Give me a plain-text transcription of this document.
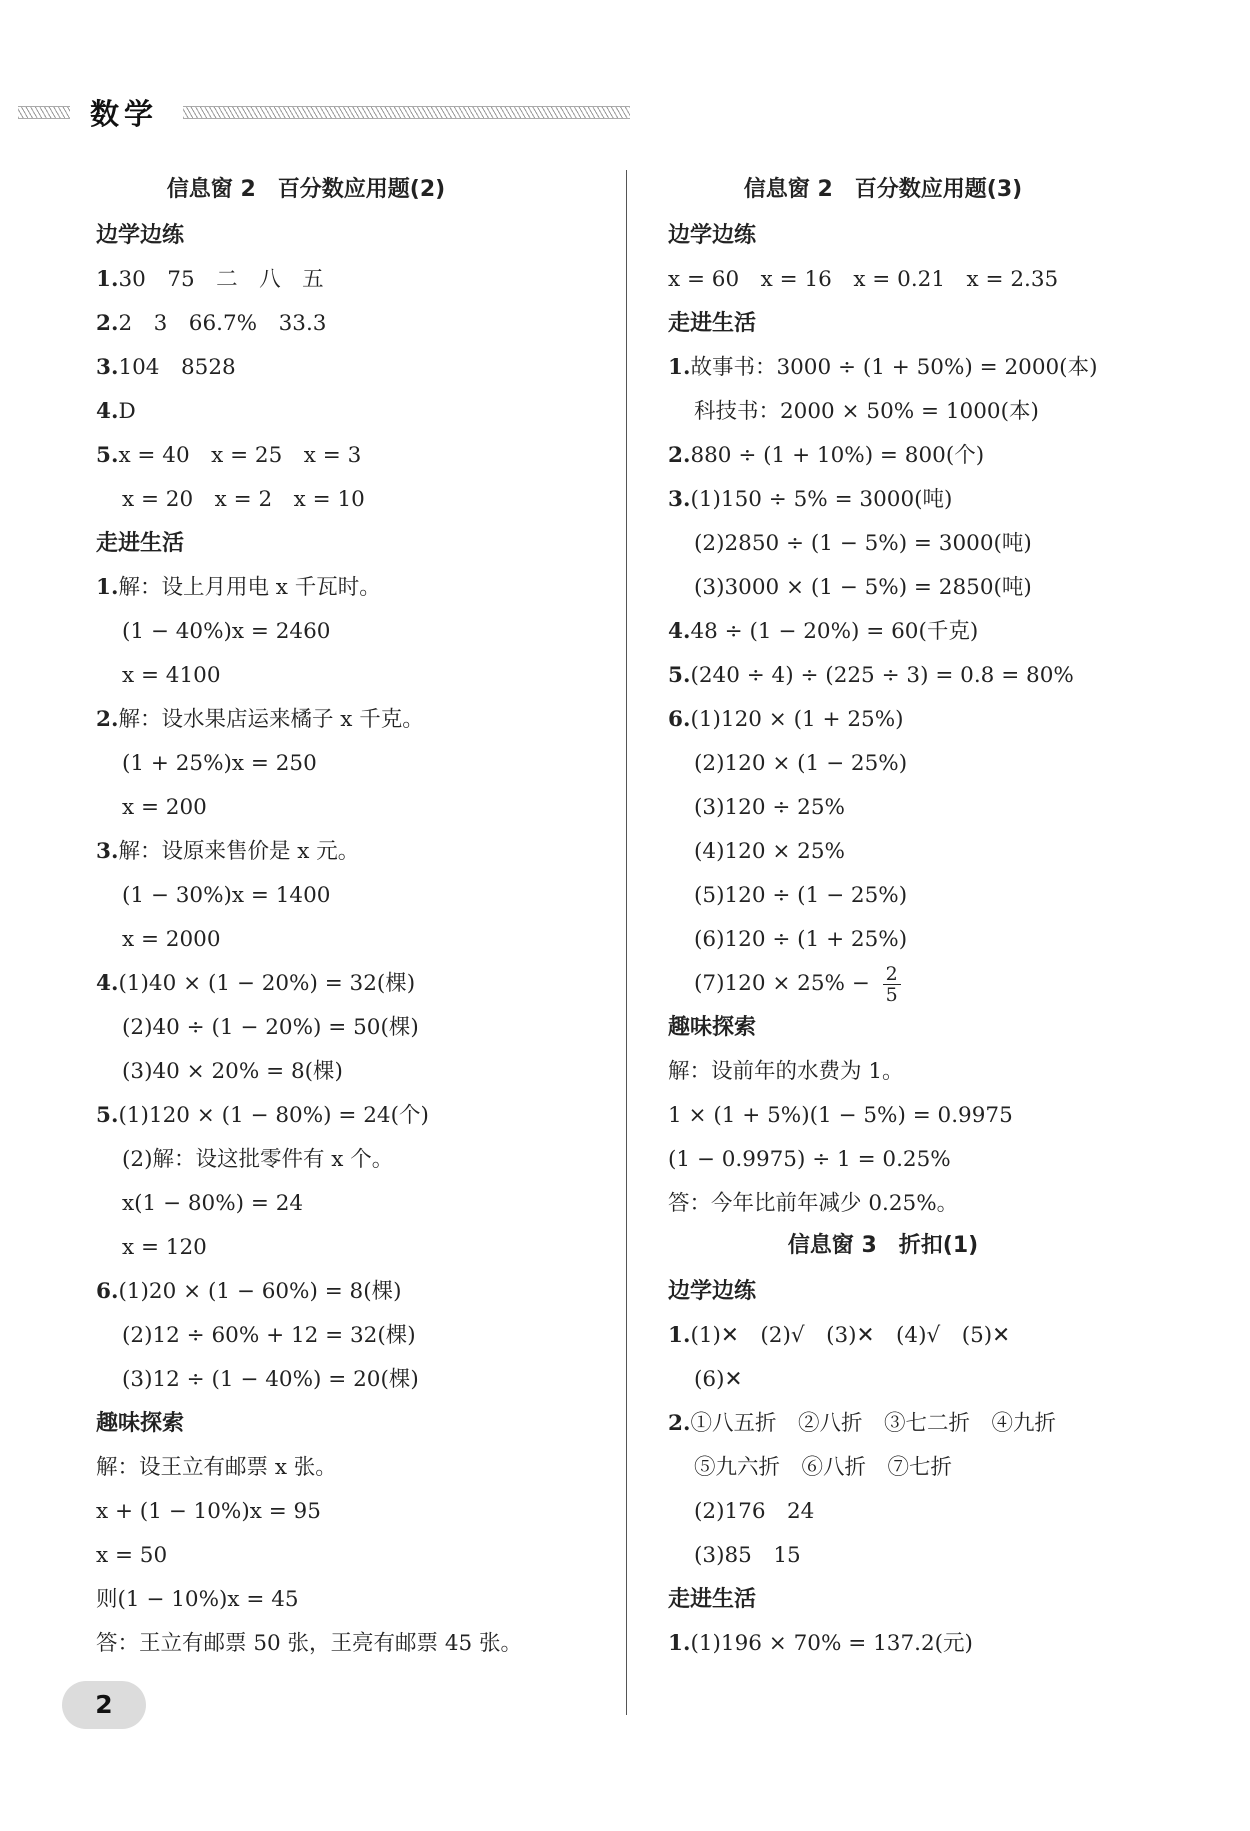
数学
信息窗 2　百分数应用题(2)
边学边练
1.30　75　二　八　五
2.2　3　66.7%　33.3
3.104　8528
4.D
5.x = 40　x = 25　x = 3
x = 20　x = 2　x = 10
走进生活
1.解：设上月用电 x 千瓦时。
(1 − 40%)x = 2460
x = 4100
2.解：设水果店运来橘子 x 千克。
(1 + 25%)x = 250
x = 200
3.解：设原来售价是 x 元。
(1 − 30%)x = 1400
x = 2000
4.(1)40 × (1 − 20%) = 32(棵)
(2)40 ÷ (1 − 20%) = 50(棵)
(3)40 × 20% = 8(棵)
5.(1)120 × (1 − 80%) = 24(个)
(2)解：设这批零件有 x 个。
x(1 − 80%) = 24
x = 120
6.(1)20 × (1 − 60%) = 8(棵)
(2)12 ÷ 60% + 12 = 32(棵)
(3)12 ÷ (1 − 40%) = 20(棵)
趣味探索
解：设王立有邮票 x 张。
x + (1 − 10%)x = 95
x = 50
则(1 − 10%)x = 45
答：王立有邮票 50 张，王亮有邮票 45 张。
信息窗 2　百分数应用题(3)
边学边练
x = 60　x = 16　x = 0.21　x = 2.35
走进生活
1.故事书：3000 ÷ (1 + 50%) = 2000(本)
科技书：2000 × 50% = 1000(本)
2.880 ÷ (1 + 10%) = 800(个)
3.(1)150 ÷ 5% = 3000(吨)
(2)2850 ÷ (1 − 5%) = 3000(吨)
(3)3000 × (1 − 5%) = 2850(吨)
4.48 ÷ (1 − 20%) = 60(千克)
5.(240 ÷ 4) ÷ (225 ÷ 3) = 0.8 = 80%
6.(1)120 × (1 + 25%)
(2)120 × (1 − 25%)
(3)120 ÷ 25%
(4)120 × 25%
(5)120 ÷ (1 − 25%)
(6)120 ÷ (1 + 25%)
$(7)120 \times 25\% - \frac{2}{5}$
趣味探索
解：设前年的水费为 1。
1 × (1 + 5%)(1 − 5%) = 0.9975
(1 − 0.9975) ÷ 1 = 0.25%
答：今年比前年减少 0.25%。
信息窗 3　折扣(1)
边学边练
1.(1)✕　(2)√　(3)✕　(4)√　(5)✕
(6)✕
2.①八五折　②八折　③七二折　④九折
⑤九六折　⑥八折　⑦七折
(2)176　24
(3)85　15
走进生活
1.(1)196 × 70% = 137.2(元)
2
